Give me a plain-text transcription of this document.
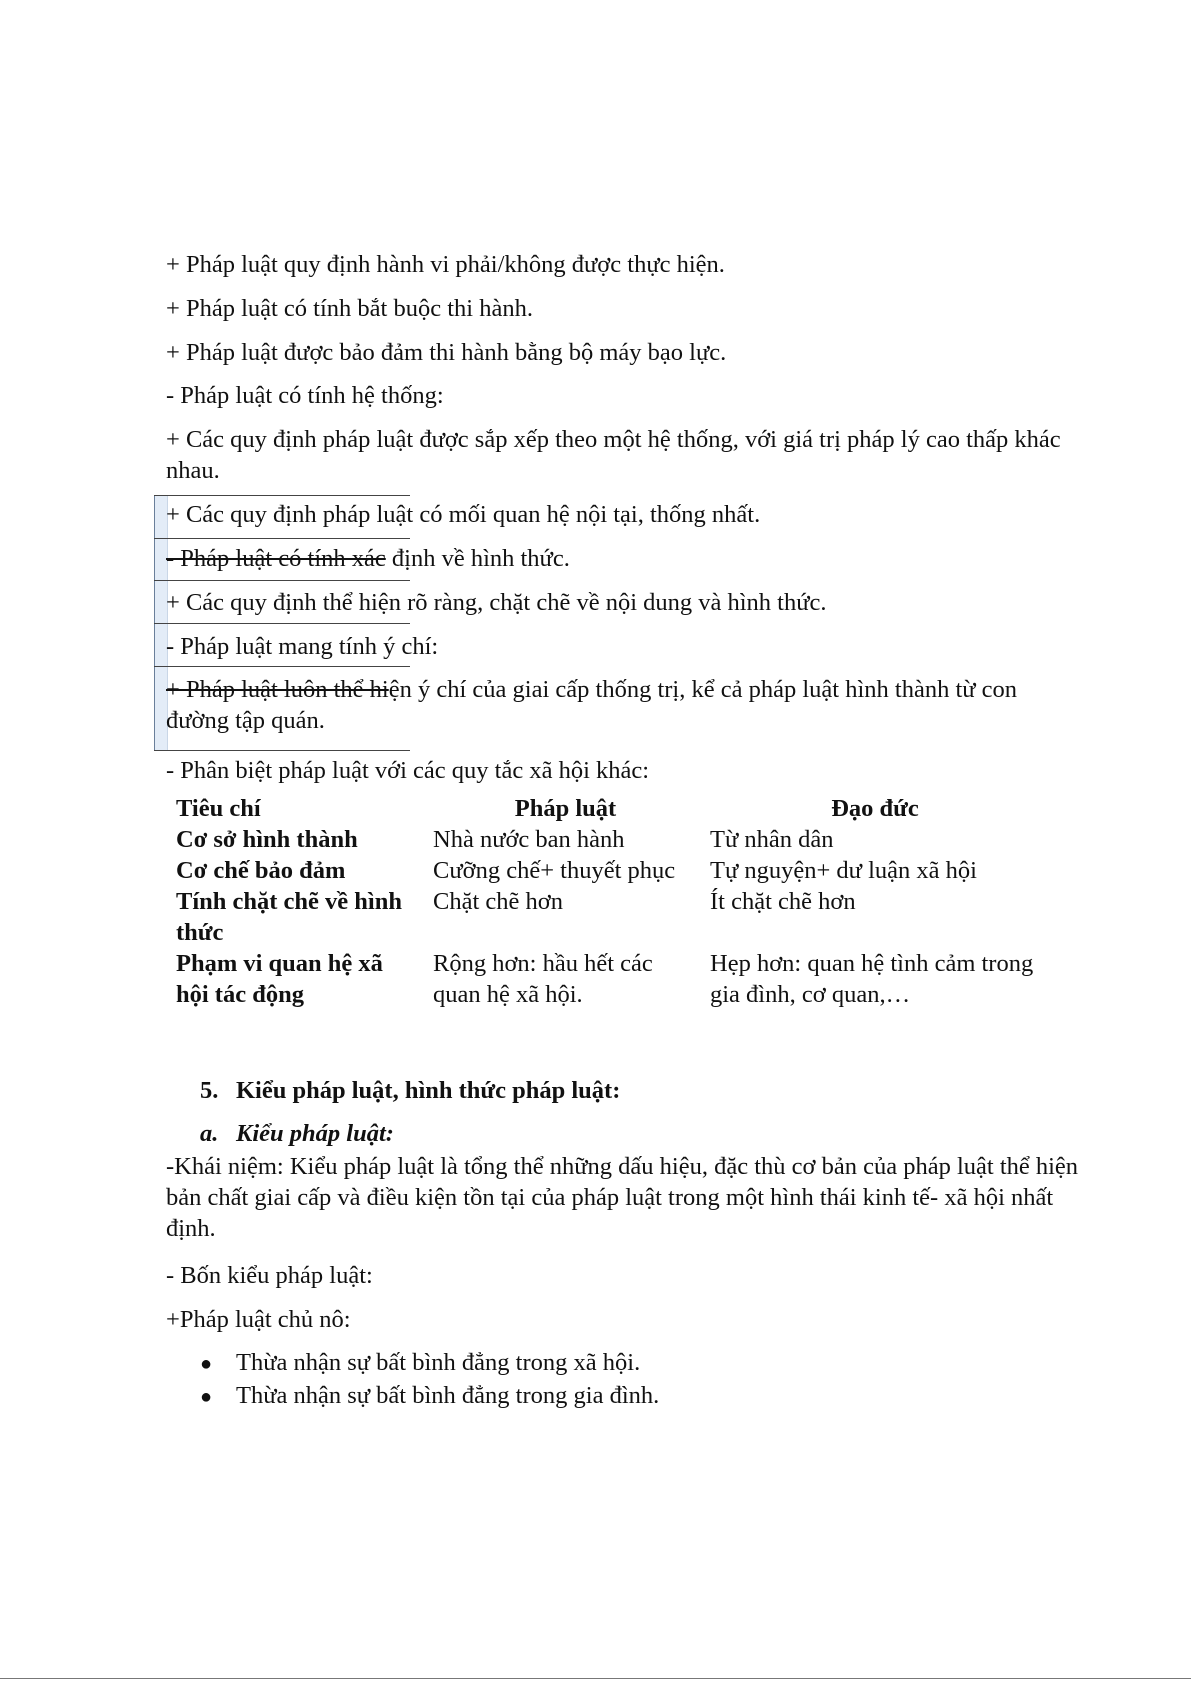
+ Pháp luật quy định hành vi phải/không được thực hiện.
+ Pháp luật có tính bắt buộc thi hành.
+ Pháp luật được bảo đảm thi hành bằng bộ máy bạo lực.
- Pháp luật có tính hệ thống:
+ Các quy định pháp luật được sắp xếp theo một hệ thống, với giá trị pháp lý cao thấp khác nhau.
+ Các quy định pháp luật có mối quan hệ nội tại, thống nhất.
- Pháp luật có tính xác định về hình thức.
+ Các quy định thể hiện rõ ràng, chặt chẽ về nội dung và hình thức.
- Pháp luật mang tính ý chí:
+ Pháp luật luôn thể hiện ý chí của giai cấp thống trị, kể cả pháp luật hình thành từ con đường tập quán.
- Phân biệt pháp luật với các quy tắc xã hội khác:
Tiêu chí	Pháp luật	Đạo đức
Cơ sở hình thành	Nhà nước ban hành	Từ nhân dân
Cơ chế bảo đảm	Cưỡng chế+ thuyết phục	Tự nguyện+ dư luận xã hội
Tính chặt chẽ về hình thức	Chặt chẽ hơn	Ít chặt chẽ hơn
Phạm vi quan hệ xã hội tác động	Rộng hơn: hầu hết các quan hệ xã hội.	Hẹp hơn: quan hệ tình cảm trong gia đình, cơ quan,…
5. Kiểu pháp luật, hình thức pháp luật:
a. Kiểu pháp luật:
-Khái niệm: Kiểu pháp luật là tổng thể những dấu hiệu, đặc thù cơ bản của pháp luật thể hiện bản chất giai cấp và điều kiện tồn tại của pháp luật trong một hình thái kinh tế- xã hội nhất định.
- Bốn kiểu pháp luật:
+Pháp luật chủ nô:
● Thừa nhận sự bất bình đẳng trong xã hội.
● Thừa nhận sự bất bình đẳng trong gia đình.
